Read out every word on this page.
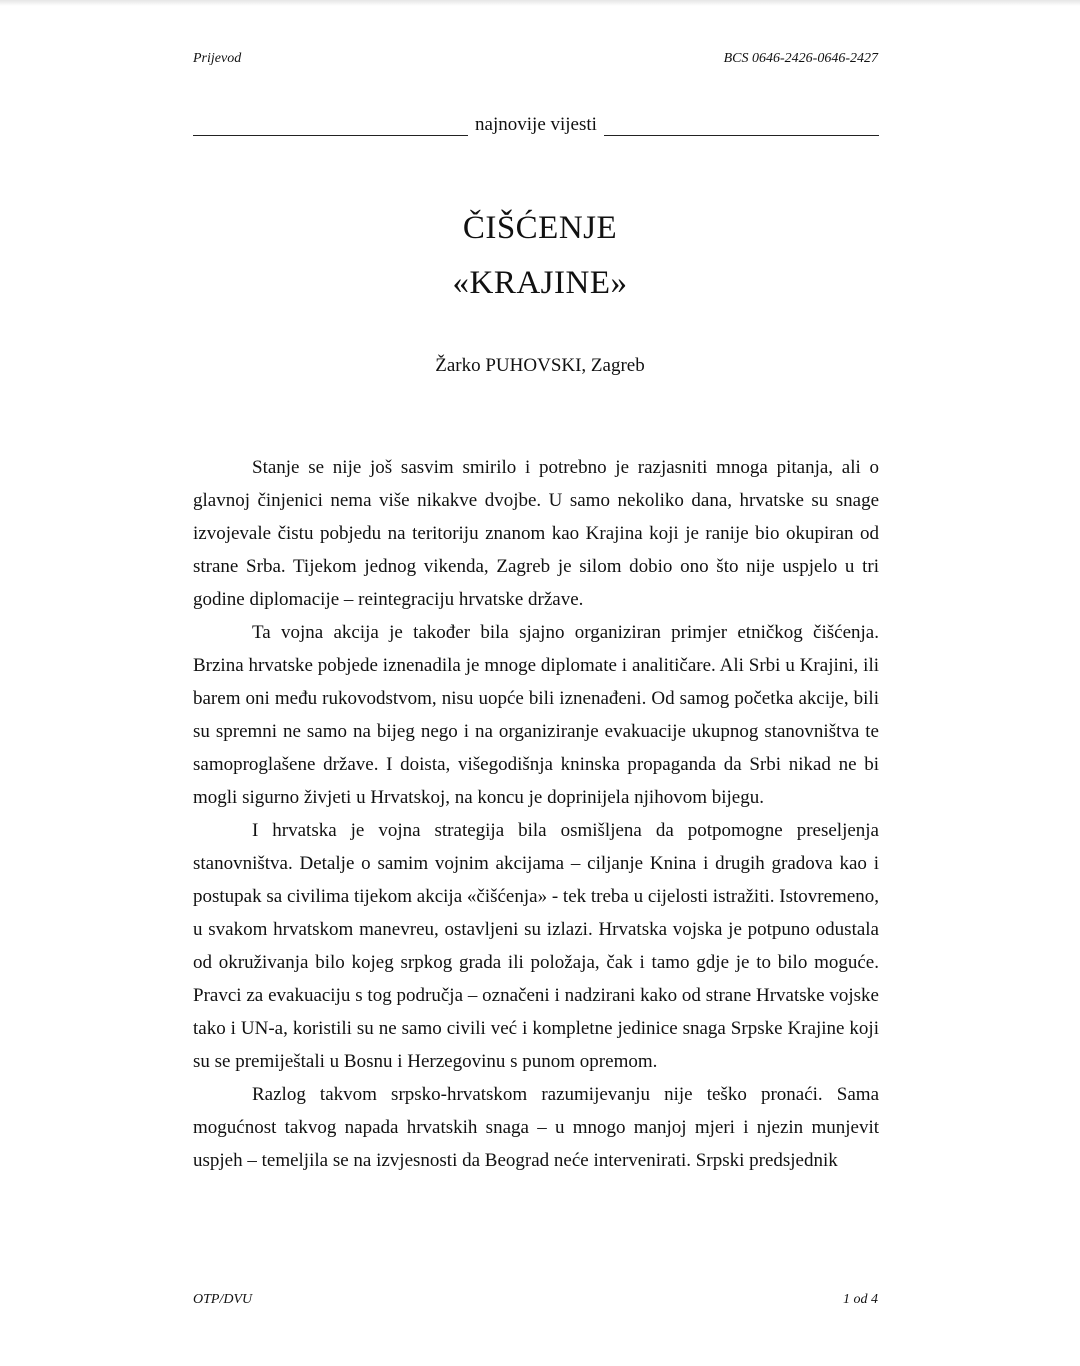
Prijevod	BCS 0646-2426-0646-2427
najnovije vijesti
ČIŠĆENJE
«KRAJINE»
Žarko PUHOVSKI, Zagreb

Stanje se nije još sasvim smirilo i potrebno je razjasniti mnoga pitanja, ali o glavnoj činjenici nema više nikakve dvojbe. U samo nekoliko dana, hrvatske su snage izvojevale čistu pobjedu na teritoriju znanom kao Krajina koji je ranije bio okupiran od strane Srba. Tijekom jednog vikenda, Zagreb je silom dobio ono što nije uspjelo u tri godine diplomacije – reintegraciju hrvatske države.

Ta vojna akcija je također bila sjajno organiziran primjer etničkog čišćenja. Brzina hrvatske pobjede iznenadila je mnoge diplomate i analitičare. Ali Srbi u Krajini, ili barem oni među rukovodstvom, nisu uopće bili iznenađeni. Od samog početka akcije, bili su spremni ne samo na bijeg nego i na organiziranje evakuacije ukupnog stanovništva te samoproglašene države. I doista, višegodišnja kninska propaganda da Srbi nikad ne bi mogli sigurno živjeti u Hrvatskoj, na koncu je doprinijela njihovom bijegu.

I hrvatska je vojna strategija bila osmišljena da potpomogne preseljenja stanovništva. Detalje o samim vojnim akcijama – ciljanje Knina i drugih gradova kao i postupak sa civilima tijekom akcija «čišćenja» - tek treba u cijelosti istražiti. Istovremeno, u svakom hrvatskom manevreu, ostavljeni su izlazi. Hrvatska vojska je potpuno odustala od okruživanja bilo kojeg srpkog grada ili položaja, čak i tamo gdje je to bilo moguće. Pravci za evakuaciju s tog područja – označeni i nadzirani kako od strane Hrvatske vojske tako i UN-a, koristili su ne samo civili već i kompletne jedinice snaga Srpske Krajine koji su se premiještali u Bosnu i Herzegovinu s punom opremom.

Razlog takvom srpsko-hrvatskom razumijevanju nije teško pronaći. Sama mogućnost takvog napada hrvatskih snaga – u mnogo manjoj mjeri i njezin munjevit uspjeh – temeljila se na izvjesnosti da Beograd neće intervenirati. Srpski predsjednik

OTP/DVU	1 od 4
